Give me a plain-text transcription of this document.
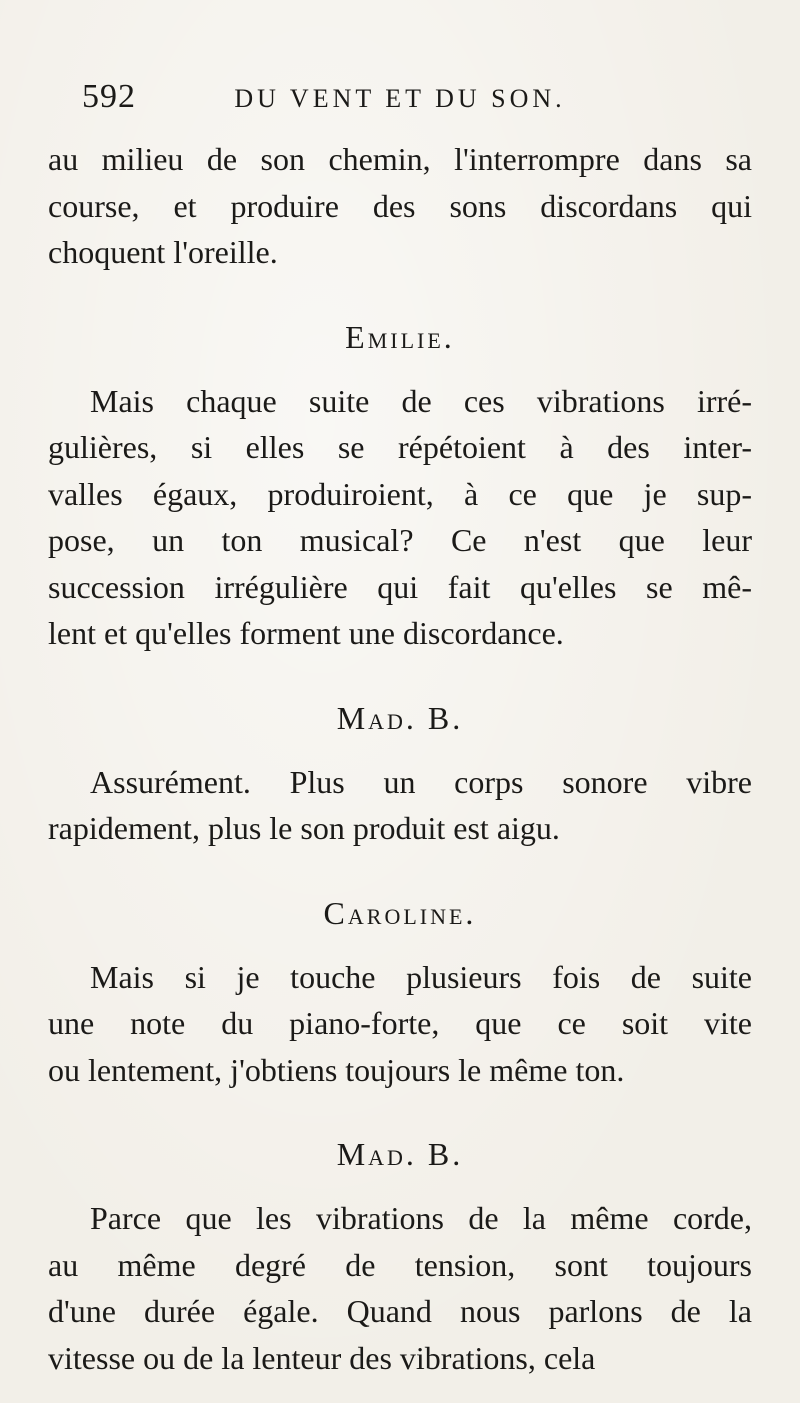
592	DU VENT ET DU SON.

au milieu de son chemin, l'interrompre dans sa
course, et produire des sons discordans qui
choquent l'oreille.

Emilie.

Mais chaque suite de ces vibrations irré-
gulières, si elles se répétoient à des inter-
valles égaux, produiroient, à ce que je sup-
pose, un ton musical? Ce n'est que leur
succession irrégulière qui fait qu'elles se mê-
lent et qu'elles forment une discordance.

Mad. B.

Assurément. Plus un corps sonore vibre
rapidement, plus le son produit est aigu.

Caroline.

Mais si je touche plusieurs fois de suite
une note du piano-forte, que ce soit vite
ou lentement, j'obtiens toujours le même ton.

Mad. B.

Parce que les vibrations de la même corde,
au même degré de tension, sont toujours
d'une durée égale. Quand nous parlons de la
vitesse ou de la lenteur des vibrations, cela
